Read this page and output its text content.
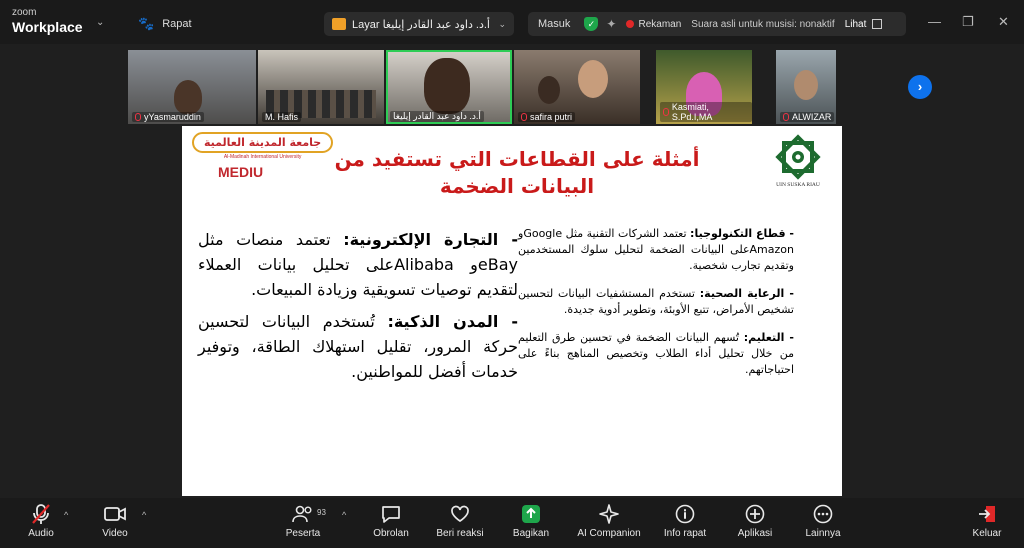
zoom
Workplace ⌄	🐾 Rapat	Layar أ.د. داود عبد القادر إيليغا ⌄	Masuk	✓ ✦ Rekaman Suara asli untuk musisi: nonaktif Lihat	— ❐ ✕
yYasmaruddin	M. Hafis	أ.د. داود عبد القادر إيليغا	safira putri
Kasmiati, S.Pd.I,MA	ALWIZAR
›
جامعة المدينة العالمية
Al-Madinah International University
MEDIU
أمثلة على القطاعات التي تستفيد من البيانات الضخمة	UIN SUSKA RIAU

- التجارة الإلكترونية: تعتمد منصات مثل eBayو Alibabaعلى تحليل بيانات العملاء لتقديم توصيات تسويقية وزيادة المبيعات.

- المدن الذكية: تُستخدم البيانات لتحسين حركة المرور، تقليل استهلاك الطاقة، وتوفير خدمات أفضل للمواطنين.

- قطاع التكنولوجيا: تعتمد الشركات التقنية مثل Googleو Amazonعلى البيانات الضخمة لتحليل سلوك المستخدمين وتقديم تجارب شخصية.

- الرعاية الصحية: تستخدم المستشفيات البيانات لتحسين تشخيص الأمراض، تتبع الأوبئة، وتطوير أدوية جديدة.

- التعليم: تُسهم البيانات الضخمة في تحسين طرق التعليم من خلال تحليل أداء الطلاب وتخصيص المناهج بناءً على احتياجاتهم.

Audio
^
Video
^
Peserta
93 ^
Obrolan	Beri reaksi	Bagikan	AI Companion	Info rapat	Aplikasi	Lainnya	Keluar
